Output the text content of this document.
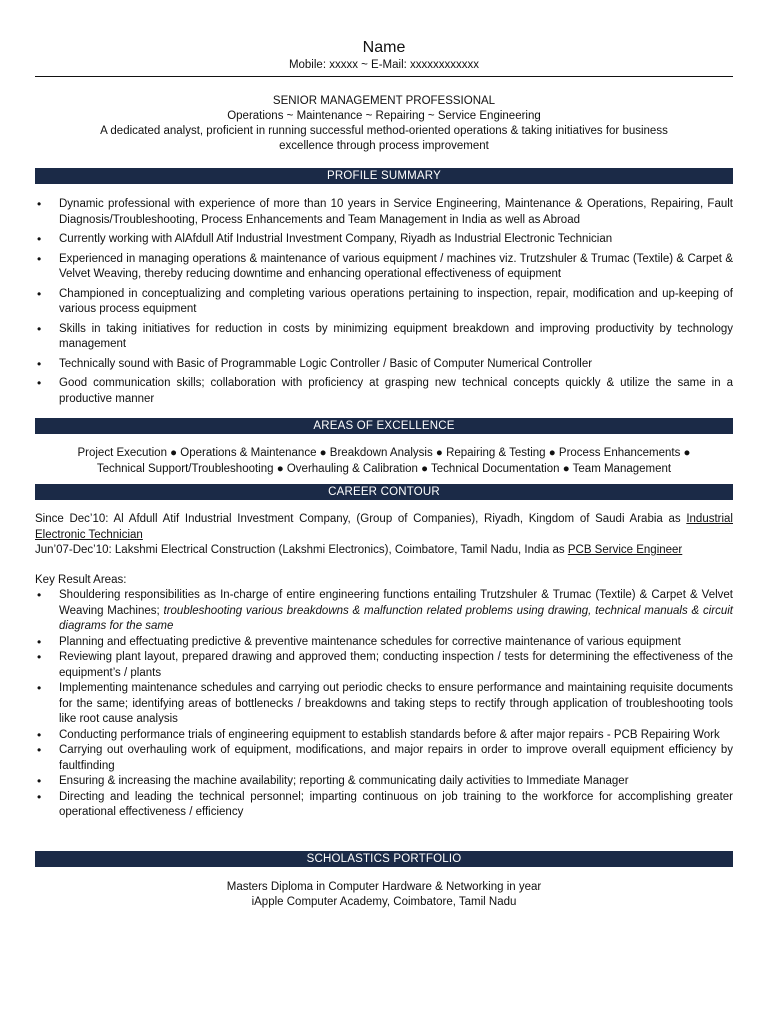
Name
Mobile: xxxxx ~ E-Mail: xxxxxxxxxxxx
SENIOR MANAGEMENT PROFESSIONAL
Operations ~ Maintenance ~ Repairing ~ Service Engineering
A dedicated analyst, proficient in running successful method-oriented operations & taking initiatives for business
excellence through process improvement
PROFILE SUMMARY
• Dynamic professional with experience of more than 10 years in Service Engineering, Maintenance & Operations, Repairing, Fault Diagnosis/Troubleshooting, Process Enhancements and Team Management in India as well as Abroad
• Currently working with AlAfdull Atif Industrial Investment Company, Riyadh as Industrial Electronic Technician
• Experienced in managing operations & maintenance of various equipment / machines viz. Trutzshuler & Trumac (Textile) & Carpet & Velvet Weaving, thereby reducing downtime and enhancing operational effectiveness of equipment
• Championed in conceptualizing and completing various operations pertaining to inspection, repair, modification and up-keeping of various process equipment
• Skills in taking initiatives for reduction in costs by minimizing equipment breakdown and improving productivity by technology management
• Technically sound with Basic of Programmable Logic Controller / Basic of Computer Numerical Controller
• Good communication skills; collaboration with proficiency at grasping new technical concepts quickly & utilize the same in a productive manner
AREAS OF EXCELLENCE
Project Execution ● Operations & Maintenance ● Breakdown Analysis ● Repairing & Testing ● Process Enhancements ●
Technical Support/Troubleshooting ● Overhauling & Calibration ● Technical Documentation ● Team Management
CAREER CONTOUR
Since Dec’10: Al Afdull Atif Industrial Investment Company, (Group of Companies), Riyadh, Kingdom of Saudi Arabia as Industrial Electronic Technician
Jun’07-Dec’10: Lakshmi Electrical Construction (Lakshmi Electronics), Coimbatore, Tamil Nadu, India as PCB Service Engineer
Key Result Areas:
• Shouldering responsibilities as In-charge of entire engineering functions entailing Trutzshuler & Trumac (Textile) & Carpet & Velvet Weaving Machines; troubleshooting various breakdowns & malfunction related problems using drawing, technical manuals & circuit diagrams for the same
• Planning and effectuating predictive & preventive maintenance schedules for corrective maintenance of various equipment
• Reviewing plant layout, prepared drawing and approved them; conducting inspection / tests for determining the effectiveness of the equipment’s / plants
• Implementing maintenance schedules and carrying out periodic checks to ensure performance and maintaining requisite documents for the same; identifying areas of bottlenecks / breakdowns and taking steps to rectify through application of troubleshooting tools like root cause analysis
• Conducting performance trials of engineering equipment to establish standards before & after major repairs - PCB Repairing Work
• Carrying out overhauling work of equipment, modifications, and major repairs in order to improve overall equipment efficiency by faultfinding
• Ensuring & increasing the machine availability; reporting & communicating daily activities to Immediate Manager
• Directing and leading the technical personnel; imparting continuous on job training to the workforce for accomplishing greater operational effectiveness / efficiency
SCHOLASTICS PORTFOLIO
Masters Diploma in Computer Hardware & Networking in year
iApple Computer Academy, Coimbatore, Tamil Nadu
